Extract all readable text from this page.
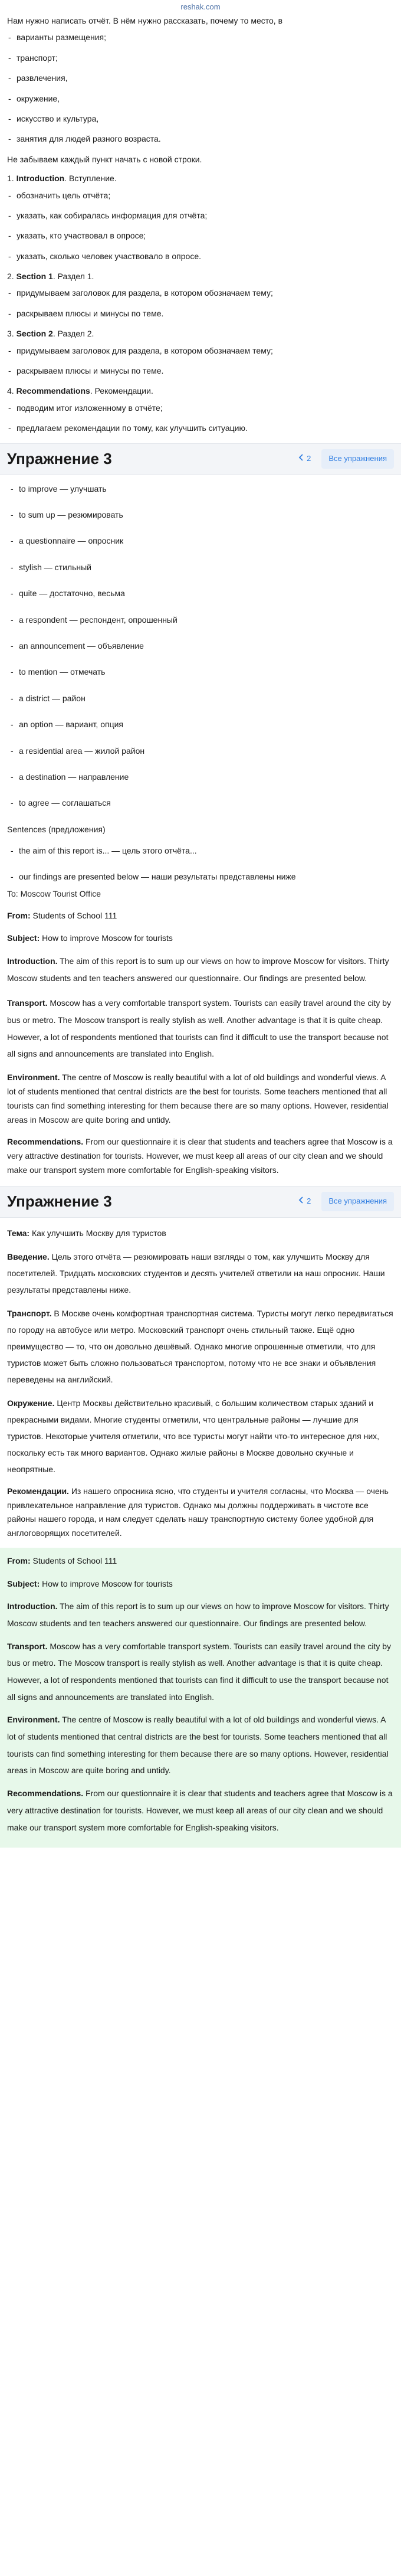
reshak.com

Нам нужно написать отчёт. В нём нужно рассказать, почему то место, в

- варианты размещения;
- транспорт;
- развлечения,
- окружение,
- искусство и культура,
- занятия для людей разного возраста.

Не забываем каждый пункт начать с новой строки.

1. Introduction. Вступление.

- обозначить цель отчёта;
- указать, как собиралась информация для отчёта;
- указать, кто участвовал в опросе;
- указать, сколько человек участвовало в опросе.

2. Section 1. Раздел 1.

- придумываем заголовок для раздела, в котором обозначаем тему;
- раскрываем плюсы и минусы по теме.

3. Section 2. Раздел 2.

- придумываем заголовок для раздела, в котором обозначаем тему;
- раскрываем плюсы и минусы по теме.

4. Recommendations. Рекомендации.

- подводим итог изложенному в отчёте;
- предлагаем рекомендации по тому, как улучшить ситуацию.
Упражнение 3	2	Все упражнения
- to improve — улучшать
- to sum up — резюмировать
- a questionnaire — опросник
- stylish — стильный
- quite — достаточно, весьма
- a respondent — респондент, опрошенный
- an announcement — объявление
- to mention — отмечать
- a district — район
- an option — вариант, опция
- a residential area — жилой район
- a destination — направление
- to agree — соглашаться

Sentences (предложения)

- the aim of this report is... — цель этого отчёта...
- our findings are presented below — наши результаты представлены ниже

To: Moscow Tourist Office

From: Students of School 111

Subject: How to improve Moscow for tourists

Introduction. The aim of this report is to sum up our views on how to improve Moscow for visitors. Thirty Moscow students and ten teachers answered our questionnaire. Our findings are presented below.

Transport. Moscow has a very comfortable transport system. Tourists can easily travel around the city by bus or metro. The Moscow transport is really stylish as well. Another advantage is that it is quite cheap. However, a lot of respondents mentioned that tourists can find it difficult to use the transport because not all signs and announcements are translated into English.

Environment. The centre of Moscow is really beautiful with a lot of old buildings and wonderful views. A lot of students mentioned that central districts are the best for tourists. Some teachers mentioned that all tourists can find something interesting for them because there are so many options. However, residential areas in Moscow are quite boring and untidy.

Recommendations. From our questionnaire it is clear that students and teachers agree that Moscow is a very attractive destination for tourists. However, we must keep all areas of our city clean and we should make our transport system more comfortable for English-speaking visitors.

Упражнение 3	2	Все упражнения

Тема: Как улучшить Москву для туристов

Введение. Цель этого отчёта — резюмировать наши взгляды о том, как улучшить Москву для посетителей. Тридцать московских студентов и десять учителей ответили на наш опросник. Наши результаты представлены ниже.

Транспорт. В Москве очень комфортная транспортная система. Туристы могут легко передвигаться по городу на автобусе или метро. Московский транспорт очень стильный также. Ещё одно преимущество — то, что он довольно дешёвый. Однако многие опрошенные отметили, что для туристов может быть сложно пользоваться транспортом, потому что не все знаки и объявления переведены на английский.

Окружение. Центр Москвы действительно красивый, с большим количеством старых зданий и прекрасными видами. Многие студенты отметили, что центральные районы — лучшие для туристов. Некоторые учителя отметили, что все туристы могут найти что-то интересное для них, поскольку есть так много вариантов. Однако жилые районы в Москве довольно скучные и неопрятные.

Рекомендации. Из нашего опросника ясно, что студенты и учителя согласны, что Москва — очень привлекательное направление для туристов. Однако мы должны поддерживать в чистоте все районы нашего города, и нам следует сделать нашу транспортную систему более удобной для англоговорящих посетителей.

From: Students of School 111

Subject: How to improve Moscow for tourists

Introduction. The aim of this report is to sum up our views on how to improve Moscow for visitors. Thirty Moscow students and ten teachers answered our questionnaire. Our findings are presented below.

Transport. Moscow has a very comfortable transport system. Tourists can easily travel around the city by bus or metro. The Moscow transport is really stylish as well. Another advantage is that it is quite cheap. However, a lot of respondents mentioned that tourists can find it difficult to use the transport because not all signs and announcements are translated into English.

Environment. The centre of Moscow is really beautiful with a lot of old buildings and wonderful views. A lot of students mentioned that central districts are the best for tourists. Some teachers mentioned that all tourists can find something interesting for them because there are so many options. However, residential areas in Moscow are quite boring and untidy.

Recommendations. From our questionnaire it is clear that students and teachers agree that Moscow is a very attractive destination for tourists. However, we must keep all areas of our city clean and we should make our transport system more comfortable for English-speaking visitors.
